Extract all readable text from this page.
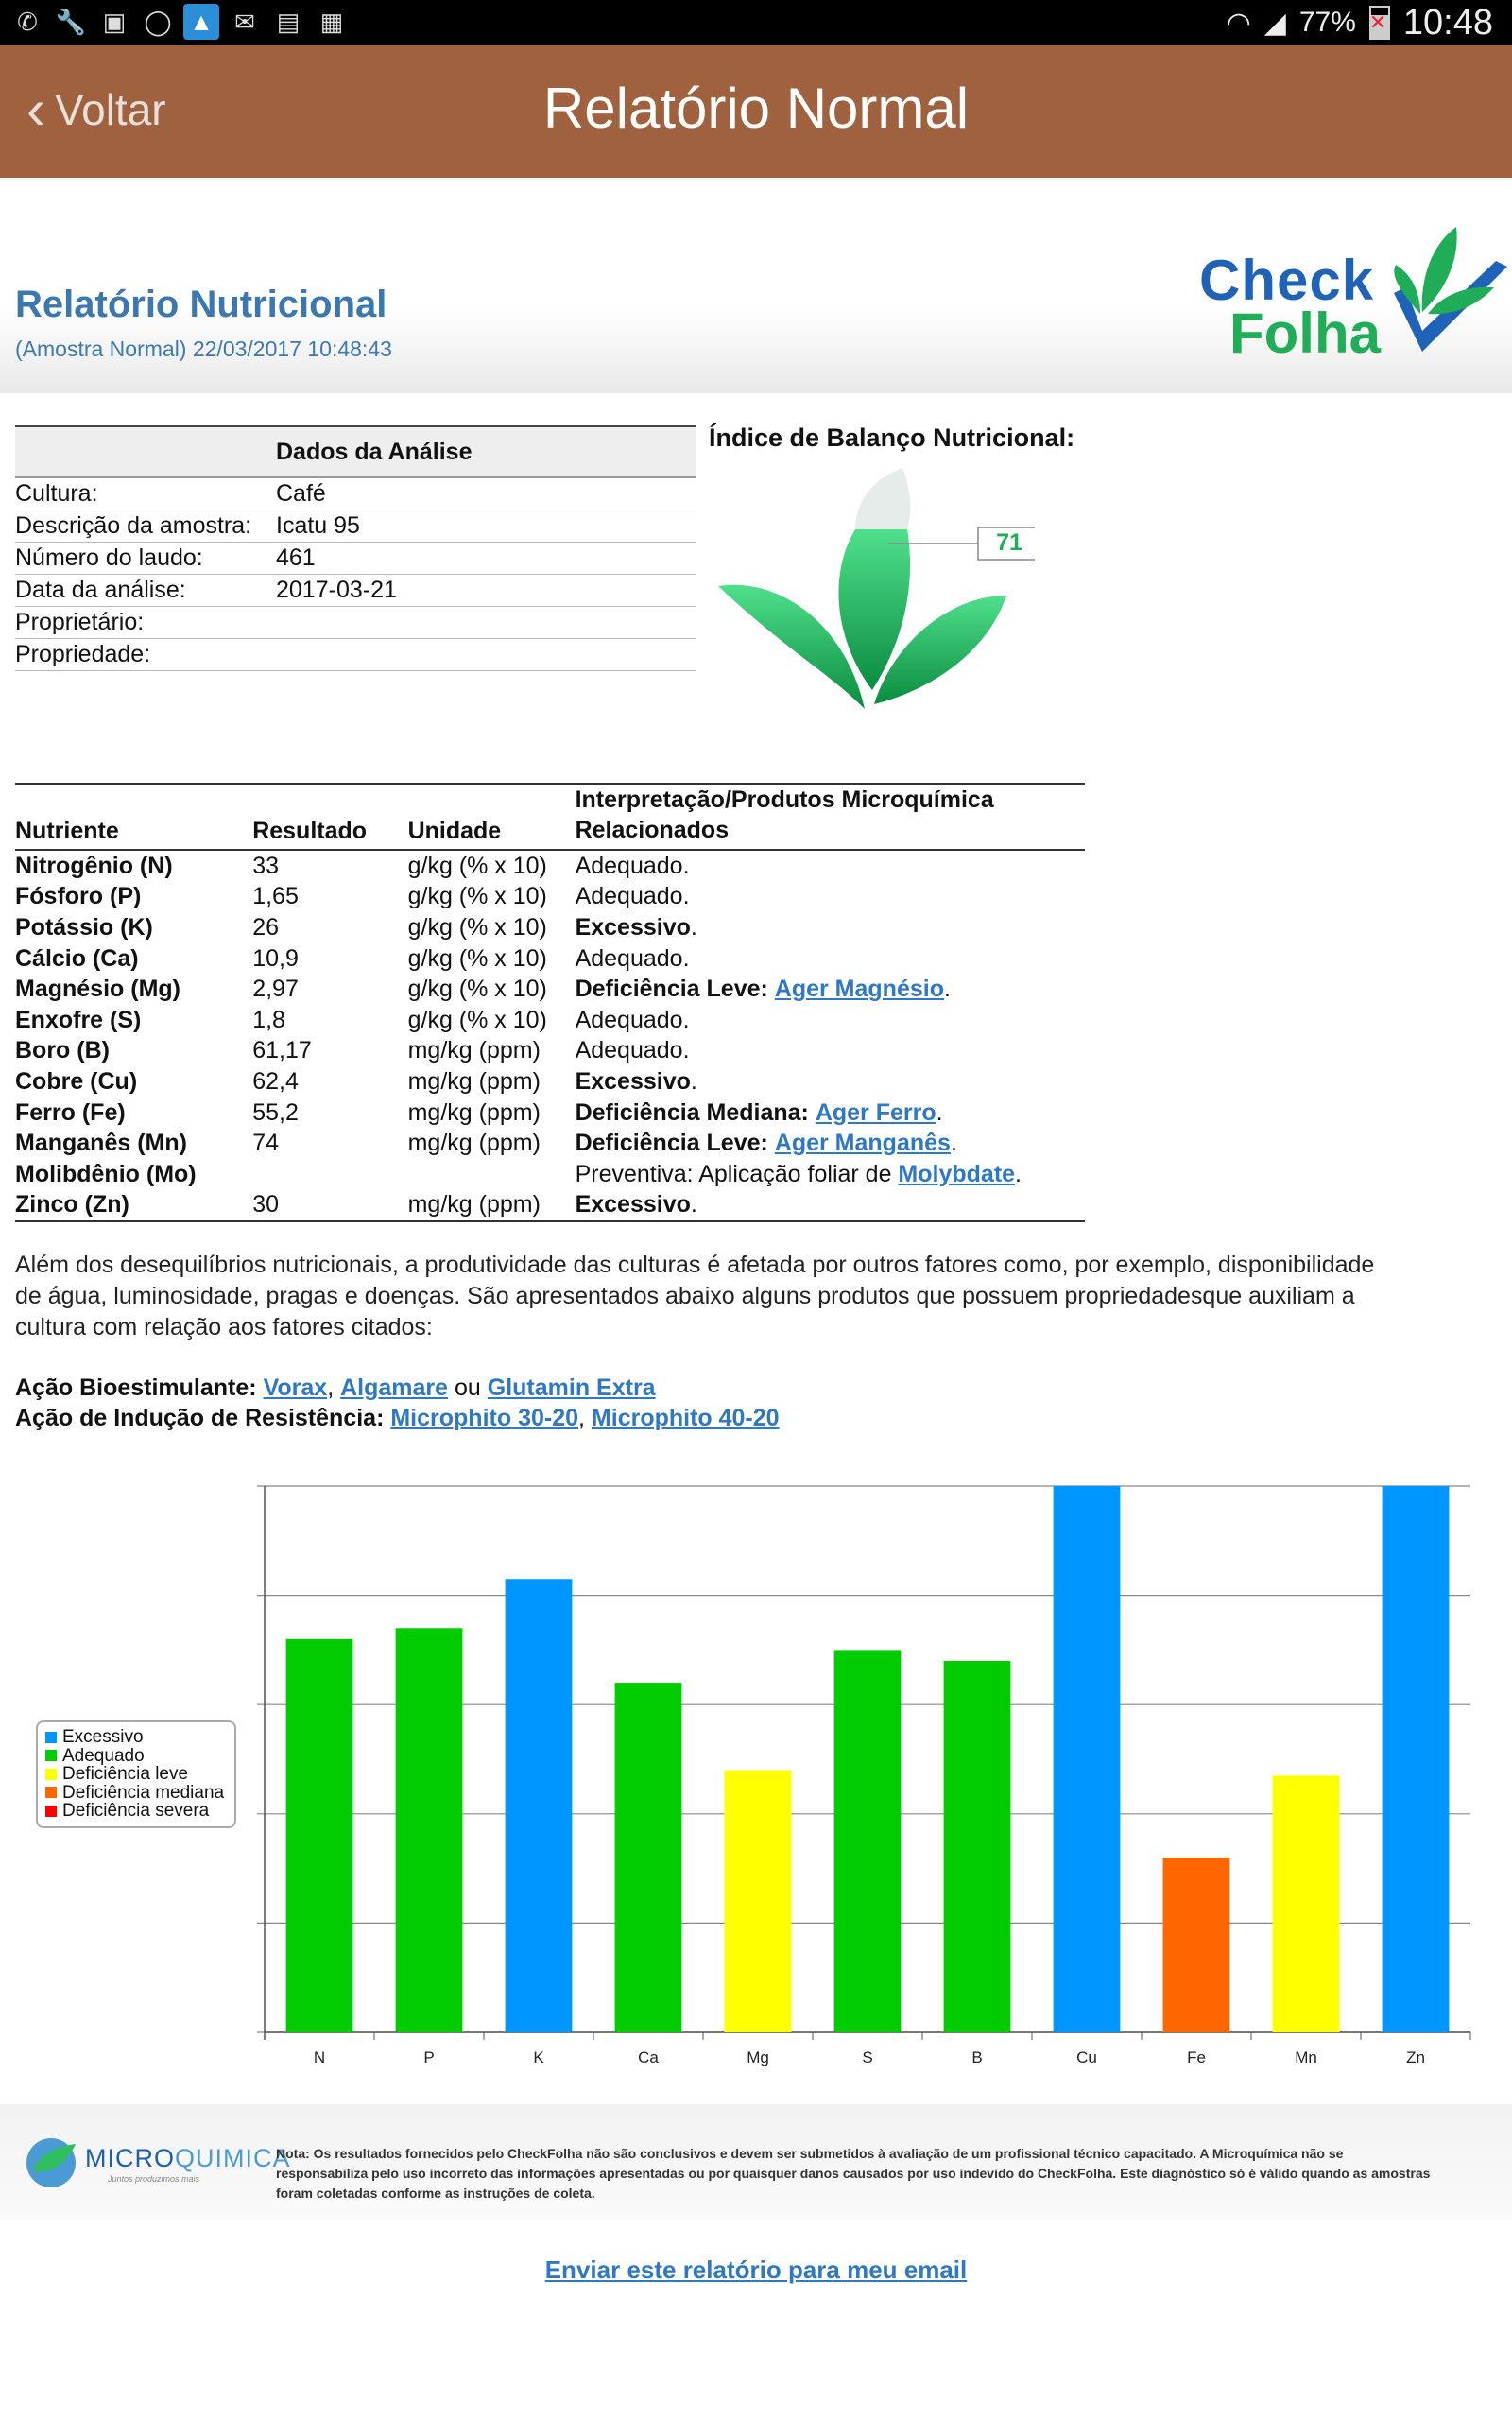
✆ 🔧 ▣ ◯ ▲ ✉ ▤ ▦	◠ ◢ 77% ✕ 10:48
‹ Voltar	Relatório Normal
Relatório Nutricional
(Amostra Normal) 22/03/2017 10:48:43
Check
Folha
Dados da Análise	
Cultura:	Café
Descrição da amostra:	Icatu 95
Número do laudo:	461
Data da análise:	2017-03-21
Proprietário:	
Propriedade:	
Índice de Balanço Nutricional:
71
Nutriente	Resultado	Unidade	Interpretação/Produtos Microquímica Relacionados
Nitrogênio (N)	33	g/kg (% x 10)	Adequado.
Fósforo (P)	1,65	g/kg (% x 10)	Adequado.
Potássio (K)	26	g/kg (% x 10)	Excessivo.
Cálcio (Ca)	10,9	g/kg (% x 10)	Adequado.
Magnésio (Mg)	2,97	g/kg (% x 10)	Deficiência Leve: Ager Magnésio.
Enxofre (S)	1,8	g/kg (% x 10)	Adequado.
Boro (B)	61,17	mg/kg (ppm)	Adequado.
Cobre (Cu)	62,4	mg/kg (ppm)	Excessivo.
Ferro (Fe)	55,2	mg/kg (ppm)	Deficiência Mediana: Ager Ferro.
Manganês (Mn)	74	mg/kg (ppm)	Deficiência Leve: Ager Manganês.
Molibdênio (Mo)			Preventiva: Aplicação foliar de Molybdate.
Zinco (Zn)	30	mg/kg (ppm)	Excessivo.
Além dos desequilíbrios nutricionais, a produtividade das culturas é afetada por outros fatores como, por exemplo, disponibilidade de água, luminosidade, pragas e doenças. São apresentados abaixo alguns produtos que possuem propriedadesque auxiliam a cultura com relação aos fatores citados:
Ação Bioestimulante: Vorax, Algamare ou Glutamin Extra
Ação de Indução de Resistência: Microphito 30-20, Microphito 40-20
N	P	K	Ca	Mg	S	B	Cu	Fe	Mn	Zn
Excessivo
Adequado
Deficiência leve
Deficiência mediana
Deficiência severa
MICROQUIMICA
Juntos produzimos mais
Nota: Os resultados fornecidos pelo CheckFolha não são conclusivos e devem ser submetidos à avaliação de um profissional técnico capacitado. A Microquímica não se responsabiliza pelo uso incorreto das informações apresentadas ou por quaisquer danos causados por uso indevido do CheckFolha. Este diagnóstico só é válido quando as amostras foram coletadas conforme as instruções de coleta.
Enviar este relatório para meu email
